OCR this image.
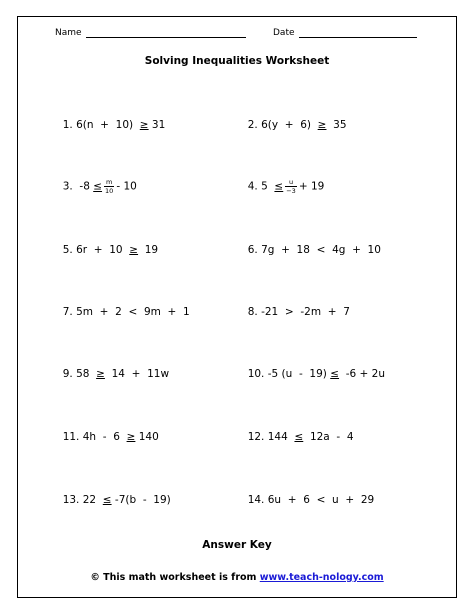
Name	Date
Solving Inequalities Worksheet

1. 6(n  +  10)  ≥ 31	2. 6(y  +  6)  ≥  35

3.  $-8 \le \frac{m}{10} - 10$	4. $5 \le \frac{u}{-3} + 19$

5. 6r  +  10  ≥  19	6. 7g  +  18  <  4g  +  10

7. 5m  +  2  <  9m  +  1	8. -21  >  -2m  +  7

9. 58  ≥  14  +  11w	10. -5 (u  -  19) ≤  -6 + 2u

11. 4h  -  6  ≥ 140	12. 144  ≤  12a  -  4

13. 22  ≤ -7(b  -  19)	14. 6u  +  6  <  u  +  29

Answer Key
© This math worksheet is from www.teach-nology.com
